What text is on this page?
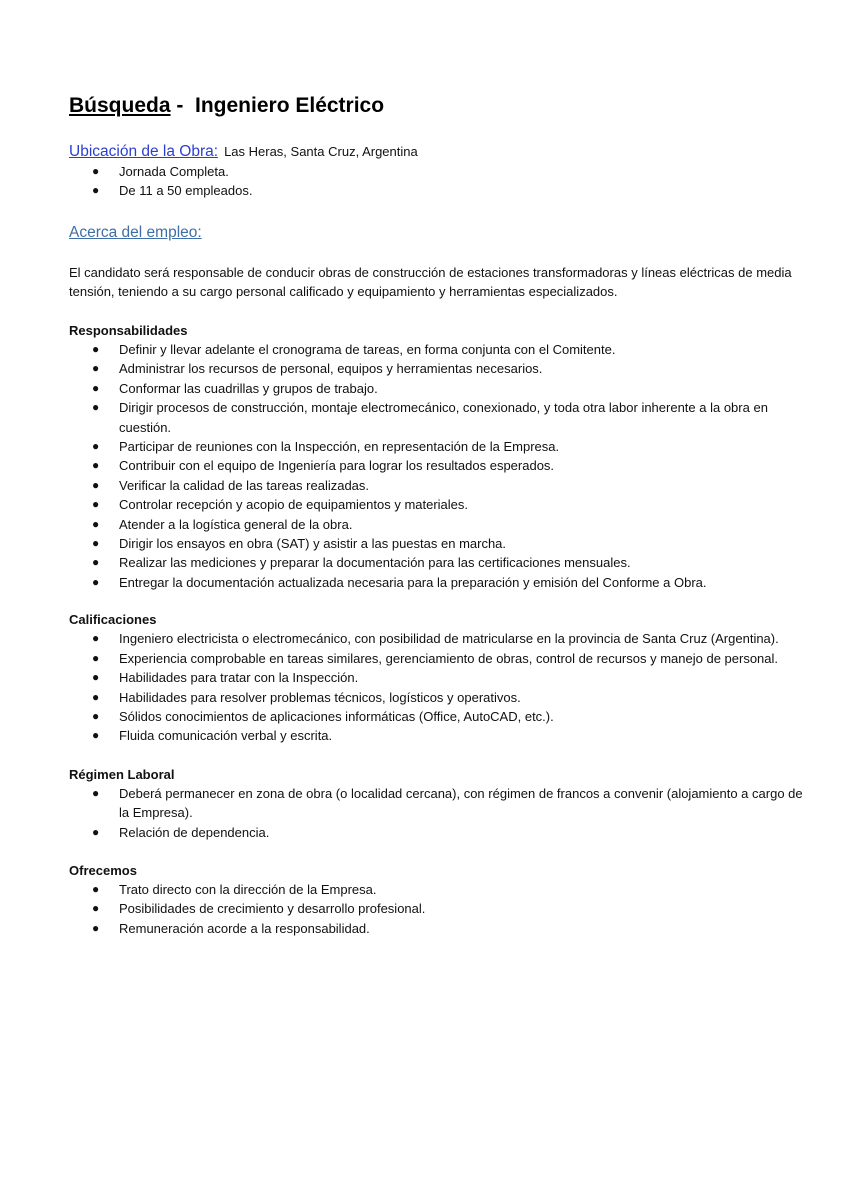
Búsqueda -  Ingeniero Eléctrico
Ubicación de la Obra: Las Heras, Santa Cruz, Argentina
● Jornada Completa.
● De 11 a 50 empleados.
Acerca del empleo:
El candidato será responsable de conducir obras de construcción de estaciones transformadoras y líneas eléctricas de media tensión, teniendo a su cargo personal calificado y equipamiento y herramientas especializados.
Responsabilidades
● Definir y llevar adelante el cronograma de tareas, en forma conjunta con el Comitente.
● Administrar los recursos de personal, equipos y herramientas necesarios.
● Conformar las cuadrillas y grupos de trabajo.
● Dirigir procesos de construcción, montaje electromecánico, conexionado, y toda otra labor inherente a la obra en cuestión.
● Participar de reuniones con la Inspección, en representación de la Empresa.
● Contribuir con el equipo de Ingeniería para lograr los resultados esperados.
● Verificar la calidad de las tareas realizadas.
● Controlar recepción y acopio de equipamientos y materiales.
● Atender a la logística general de la obra.
● Dirigir los ensayos en obra (SAT) y asistir a las puestas en marcha.
● Realizar las mediciones y preparar la documentación para las certificaciones mensuales.
● Entregar la documentación actualizada necesaria para la preparación y emisión del Conforme a Obra.
Calificaciones
● Ingeniero electricista o electromecánico, con posibilidad de matricularse en la provincia de Santa Cruz (Argentina).
● Experiencia comprobable en tareas similares, gerenciamiento de obras, control de recursos y manejo de personal.
● Habilidades para tratar con la Inspección.
● Habilidades para resolver problemas técnicos, logísticos y operativos.
● Sólidos conocimientos de aplicaciones informáticas (Office, AutoCAD, etc.).
● Fluida comunicación verbal y escrita.
Régimen Laboral
● Deberá permanecer en zona de obra (o localidad cercana), con régimen de francos a convenir (alojamiento a cargo de la Empresa).
● Relación de dependencia.
Ofrecemos
● Trato directo con la dirección de la Empresa.
● Posibilidades de crecimiento y desarrollo profesional.
● Remuneración acorde a la responsabilidad.
